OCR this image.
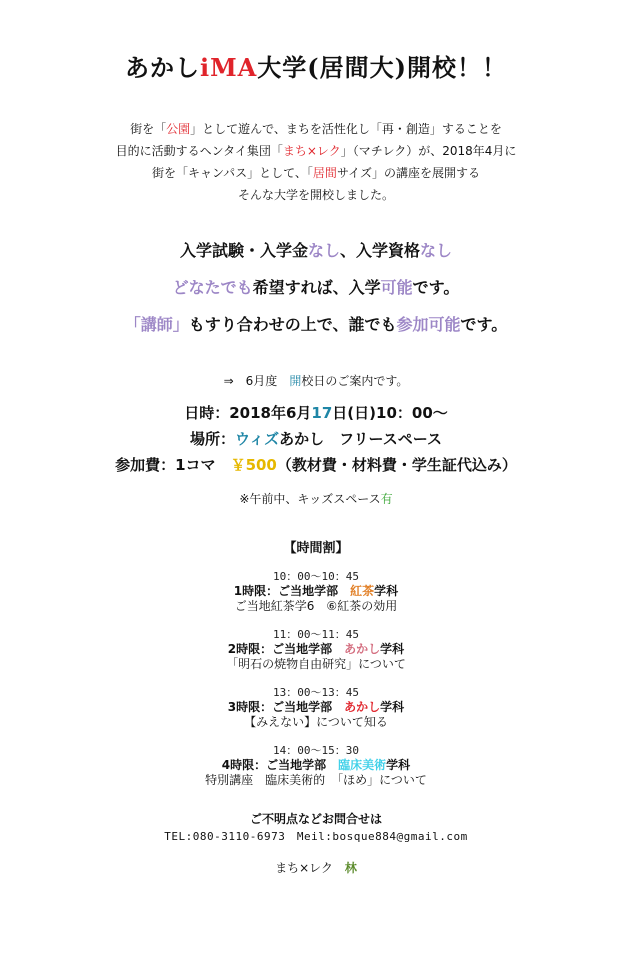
あかしiMA大学(居間大)開校！！
街を「公園」として遊んで、まちを活性化し「再・創造」することを
目的に活動するヘンタイ集団「まち×レク」（マチレク）が、2018年4月に
街を「キャンパス」として、「居間サイズ」の講座を展開する
そんな大学を開校しました。
入学試験・入学金なし、入学資格なし
どなたでも希望すれば、入学可能です。
「講師」もすり合わせの上で、誰でも参加可能です。
⇒　6月度　開校日のご案内です。
日時：2018年6月17日(日)10：00〜
場所：ウィズあかし　フリースペース
参加費：1コマ　￥500（教材費・材料費・学生証代込み）
※午前中、キッズスペース有
【時間割】
10：00〜10：45
1時限：ご当地学部　紅茶学科
ご当地紅茶学6　⑥紅茶の効用
11：00〜11：45
2時限：ご当地学部　あかし学科
「明石の焼物自由研究」について
13：00〜13：45
3時限：ご当地学部　あかし学科
【みえない】について知る
14：00〜15：30
4時限：ご当地学部　臨床美術学科
特別講座　臨床美術的　「ほめ」について
ご不明点などお問合せは
TEL:080-3110-6973　Meil:bosque884@gmail.com
まち×レク　林
